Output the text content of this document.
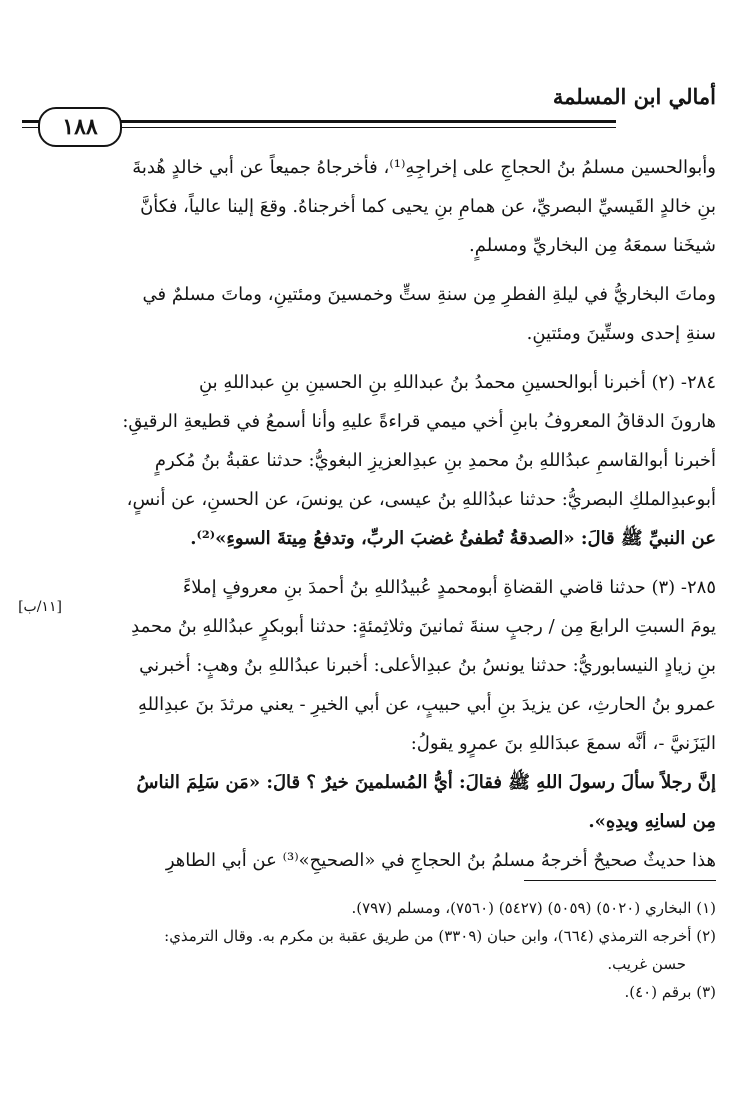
أمالي ابن المسلمة
١٨٨
وأبوالحسين مسلمُ بنُ الحجاجِ على إخراجِهِ⁽¹⁾، فأخرجاهُ جميعاً عن أبي خالدٍ هُدبةَ
بنِ خالدٍ القَيسيِّ البصريِّ، عن همامِ بنِ يحيى كما أخرجناهُ. وقعَ إلينا عالياً، فكأنَّ
شيخَنا سمعَهُ مِن البخاريِّ ومسلمٍ.
وماتَ البخاريُّ في ليلةِ الفطرِ مِن سنةِ ستٍّ وخمسينَ ومئتينِ، وماتَ مسلمٌ في
سنةِ إحدى وستِّينَ ومئتينِ.
٢٨٤- (٢) أخبرنا أبوالحسينِ محمدُ بنُ عبداللهِ بنِ الحسينِ بنِ عبداللهِ بنِ
هارونَ الدقاقُ المعروفُ بابنِ أخي ميمي قراءةً عليهِ وأنا أسمعُ في قطيعةِ الرقيقِ:
أخبرنا أبوالقاسمِ عبدُاللهِ بنُ محمدِ بنِ عبدِالعزيزِ البغويُّ: حدثنا عقبةُ بنُ مُكرمٍ
أبوعبدِالملكِ البصريُّ: حدثنا عبدُاللهِ بنُ عيسى، عن يونسَ، عن الحسنِ، عن أنسٍ،
عن النبيِّ ﷺ قالَ: «الصدقةُ تُطفئُ غضبَ الربِّ، وتدفعُ مِيتةَ السوءِ»⁽²⁾.
٢٨٥- (٣) حدثنا قاضي القضاةِ أبومحمدٍ عُبيدُاللهِ بنُ أحمدَ بنِ معروفٍ إملاءً
يومَ السبتِ الرابعَ مِن / رجبٍ سنةَ ثمانينَ وثلاثِمئةٍ: حدثنا أبوبكرٍ عبدُاللهِ بنُ محمدِ
بنِ زيادٍ النيسابوريُّ: حدثنا يونسُ بنُ عبدِالأعلى: أخبرنا عبدُاللهِ بنُ وهبٍ: أخبرني
عمرو بنُ الحارثِ، عن يزيدَ بنِ أبي حبيبٍ، عن أبي الخيرِ - يعني مرثدَ بنَ عبدِاللهِ
اليَزَنيَّ -، أنَّه سمعَ عبدَاللهِ بنَ عمرٍو يقولُ:
إنَّ رجلاً سألَ رسولَ اللهِ ﷺ فقالَ: أيُّ المُسلمينَ خيرٌ ؟ قالَ: «مَن سَلِمَ الناسُ
مِن لسانِهِ ويدِهِ».
هذا حديثٌ صحيحٌ أخرجهُ مسلمُ بنُ الحجاجِ في «الصحيحِ»⁽³⁾ عن أبي الطاهرِ
[١١/ب]
(١) البخاري (٥٠٢٠) (٥٠٥٩) (٥٤٢٧) (٧٥٦٠)، ومسلم (٧٩٧).
(٢) أخرجه الترمذي (٦٦٤)، وابن حبان (٣٣٠٩) من طريق عقبة بن مكرم به. وقال الترمذي:
حسن غريب.
(٣) برقم (٤٠).
